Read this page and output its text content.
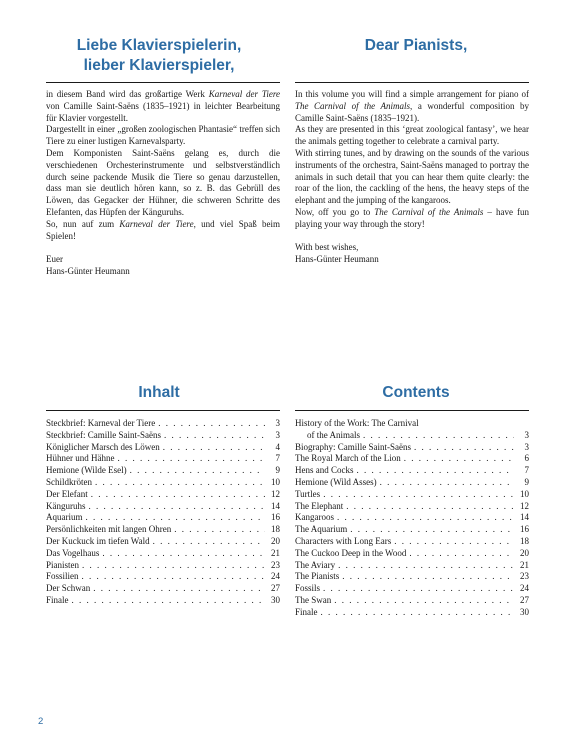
Liebe Klavierspielerin,
lieber Klavierspieler,
Dear Pianists,

in diesem Band wird das großartige Werk Karneval der Tiere von Camille Saint-Saëns (1835–1921) in leichter Bearbeitung für Klavier vorgestellt.

Dargestellt in einer „großen zoologischen Phantasie“ treffen sich Tiere zu einer lustigen Karnevalsparty.

Dem Komponisten Saint-Saëns gelang es, durch die verschiedenen Orchesterinstrumente und selbstverständlich durch seine packende Musik die Tiere so genau darzustellen, dass man sie deutlich hören kann, so z. B. das Gebrüll des Löwen, das Gegacker der Hühner, die schweren Schritte des Elefanten, das Hüpfen der Känguruhs.

So, nun auf zum Karneval der Tiere, und viel Spaß beim Spielen!

Euer

Hans-Günter Heumann

In this volume you will find a simple arrangement for piano of The Carnival of the Animals, a wonderful composition by Camille Saint-Saëns (1835–1921).

As they are presented in this ‘great zoological fantasy’, we hear the animals getting together to celebrate a carnival party.

With stirring tunes, and by drawing on the sounds of the various instruments of the orchestra, Saint-Saëns managed to portray the animals in such detail that you can hear them quite clearly: the roar of the lion, the cackling of the hens, the heavy steps of the elephant and the jumping of the kangaroos.

Now, off you go to The Carnival of the Animals – have fun playing your way through the story!

With best wishes,

Hans-Günter Heumann

Inhalt	Contents
Steckbrief: Karneval der Tiere . . .	3
Steckbrief: Camille Saint-Saëns . . .	3
Königlicher Marsch des Löwen . . .	4
Hühner und Hähne . . .	7
Hemione (Wilde Esel) . . .	9
Schildkröten . . .	10
Der Elefant . . .	12
Känguruhs . . .	14
Aquarium . . .	16
Persönlichkeiten mit langen Ohren . . .	18
Der Kuckuck im tiefen Wald . . .	20
Das Vogelhaus . . .	21
Pianisten . . .	23
Fossilien . . .	24
Der Schwan . . .	27
Finale . . .	30
History of the Work: The Carnival
of the Animals . . .	3
Biography: Camille Saint-Saëns . . .	3
The Royal March of the Lion . . .	6
Hens and Cocks . . .	7
Hemione (Wild Asses) . . .	9
Turtles . . .	10
The Elephant . . .	12
Kangaroos . . .	14
The Aquarium . . .	16
Characters with Long Ears . . .	18
The Cuckoo Deep in the Wood . . .	20
The Aviary . . .	21
The Pianists . . .	23
Fossils . . .	24
The Swan . . .	27
Finale . . .	30
2
